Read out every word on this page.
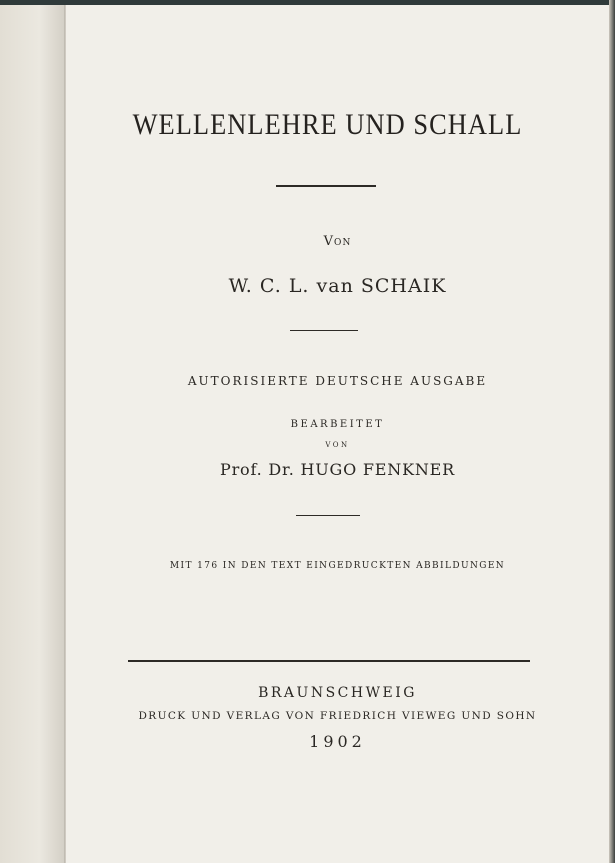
WELLENLEHRE UND SCHALL

Von

W. C. L. van SCHAIK

AUTORISIERTE DEUTSCHE AUSGABE

BEARBEITET

von

Prof. Dr. HUGO FENKNER

MIT 176 IN DEN TEXT EINGEDRUCKTEN ABBILDUNGEN

BRAUNSCHWEIG

DRUCK UND VERLAG VON FRIEDRICH VIEWEG UND SOHN

1902
